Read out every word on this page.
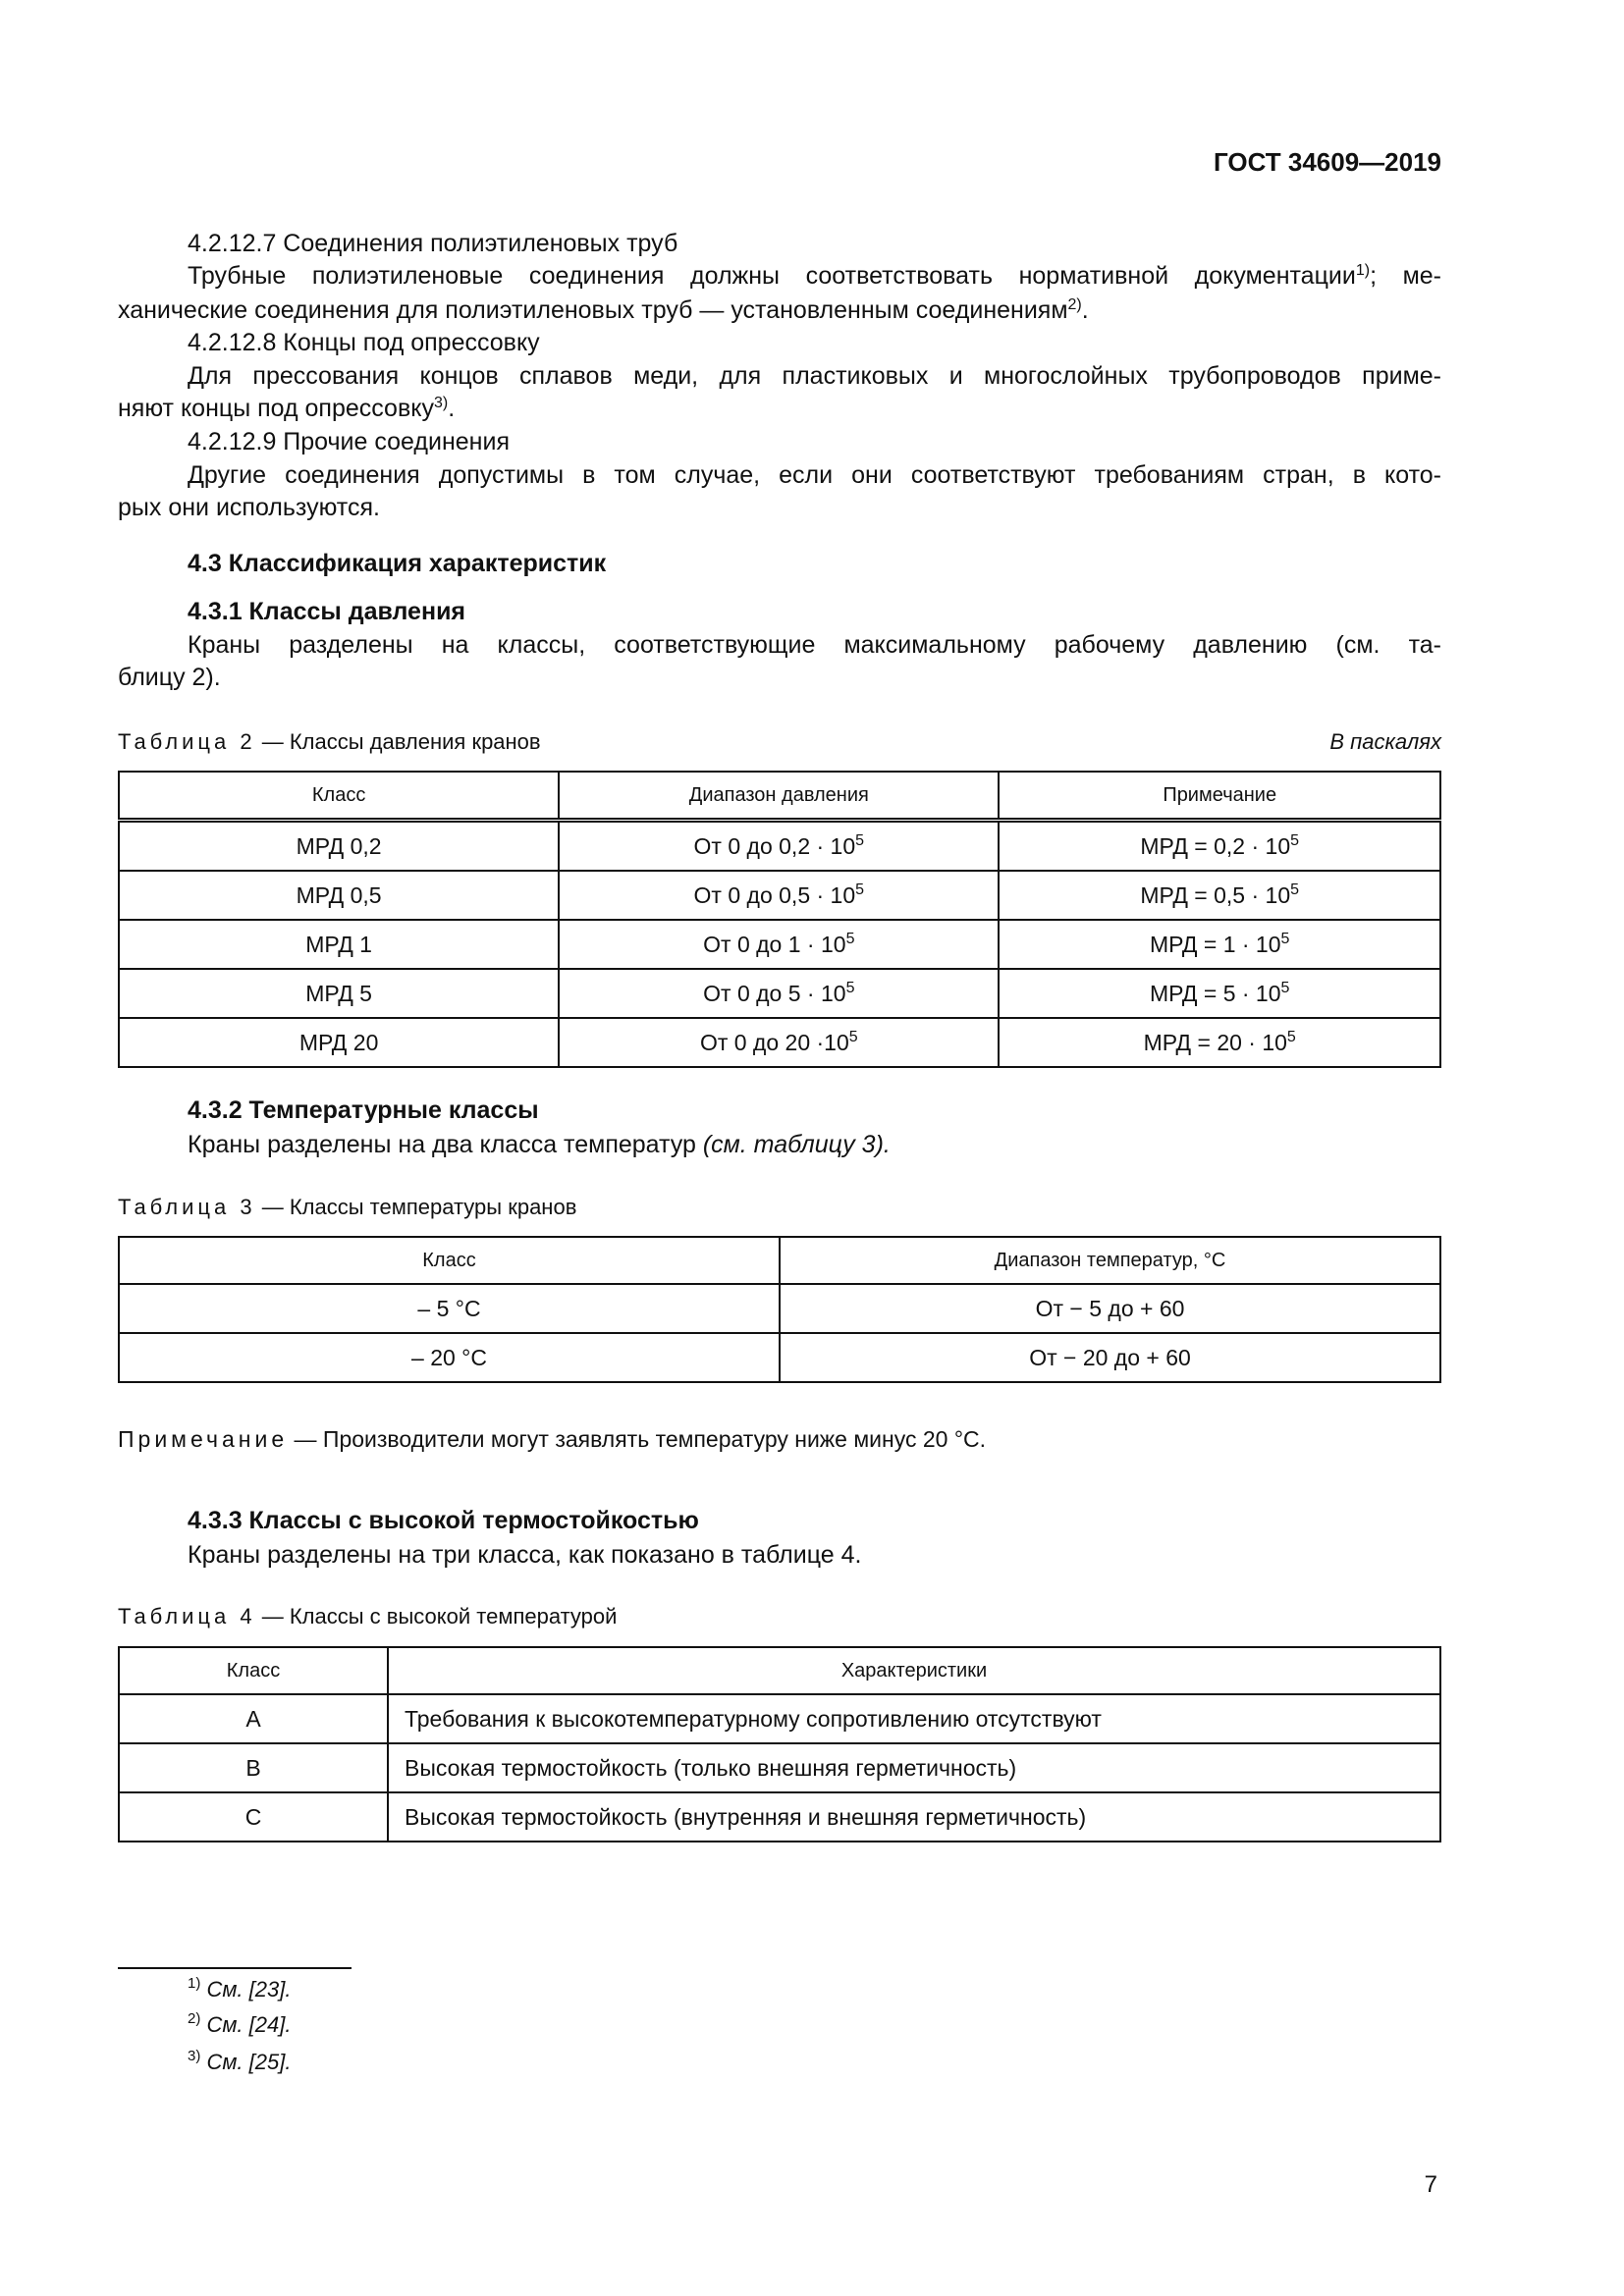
ГОСТ 34609—2019
4.2.12.7 Соединения полиэтиленовых труб
Трубные полиэтиленовые соединения должны соответствовать нормативной документации$^{1)}$; ме-
ханические соединения для полиэтиленовых труб — установленным соединениям$^{2)}$.
4.2.12.8 Концы под опрессовку
Для прессования концов сплавов меди, для пластиковых и многослойных трубопроводов приме-
няют концы под опрессовку$^{3)}$.
4.2.12.9 Прочие соединения
Другие соединения допустимы в том случае, если они соответствуют требованиям стран, в кото-
рых они используются.
4.3 Классификация характеристик
4.3.1 Классы давления
Краны разделены на классы, соответствующие максимальному рабочему давлению (см. та-
блицу 2).
Таблица 2 — Классы давления кранов	В паскалях
Класс	Диапазон давления	Примечание
МРД 0,2	От 0 до $0,2 \cdot 10^5$	МРД = $0,2 \cdot 10^5$
МРД 0,5	От 0 до $0,5 \cdot 10^5$	МРД = $0,5 \cdot 10^5$
МРД 1	От 0 до $1 \cdot 10^5$	МРД = $1 \cdot 10^5$
МРД 5	От 0 до $5 \cdot 10^5$	МРД = $5 \cdot 10^5$
МРД 20	От 0 до $20 \cdot 10^5$	МРД = $20 \cdot 10^5$
4.3.2 Температурные классы
Краны разделены на два класса температур (см. таблицу 3).
Таблица 3 — Классы температуры кранов
Класс	Диапазон температур, °С
– 5 °С	От − 5 до + 60
– 20 °С	От − 20 до + 60
Примечание — Производители могут заявлять температуру ниже минус 20 °С.
4.3.3 Классы с высокой термостойкостью
Краны разделены на три класса, как показано в таблице 4.
Таблица 4 — Классы с высокой температурой
Класс	Характеристики
A	Требования к высокотемпературному сопротивлению отсутствуют
B	Высокая термостойкость (только внешняя герметичность)
C	Высокая термостойкость (внутренняя и внешняя герметичность)
$^{1)}$ См. [23].
$^{2)}$ См. [24].
$^{3)}$ См. [25].
7
